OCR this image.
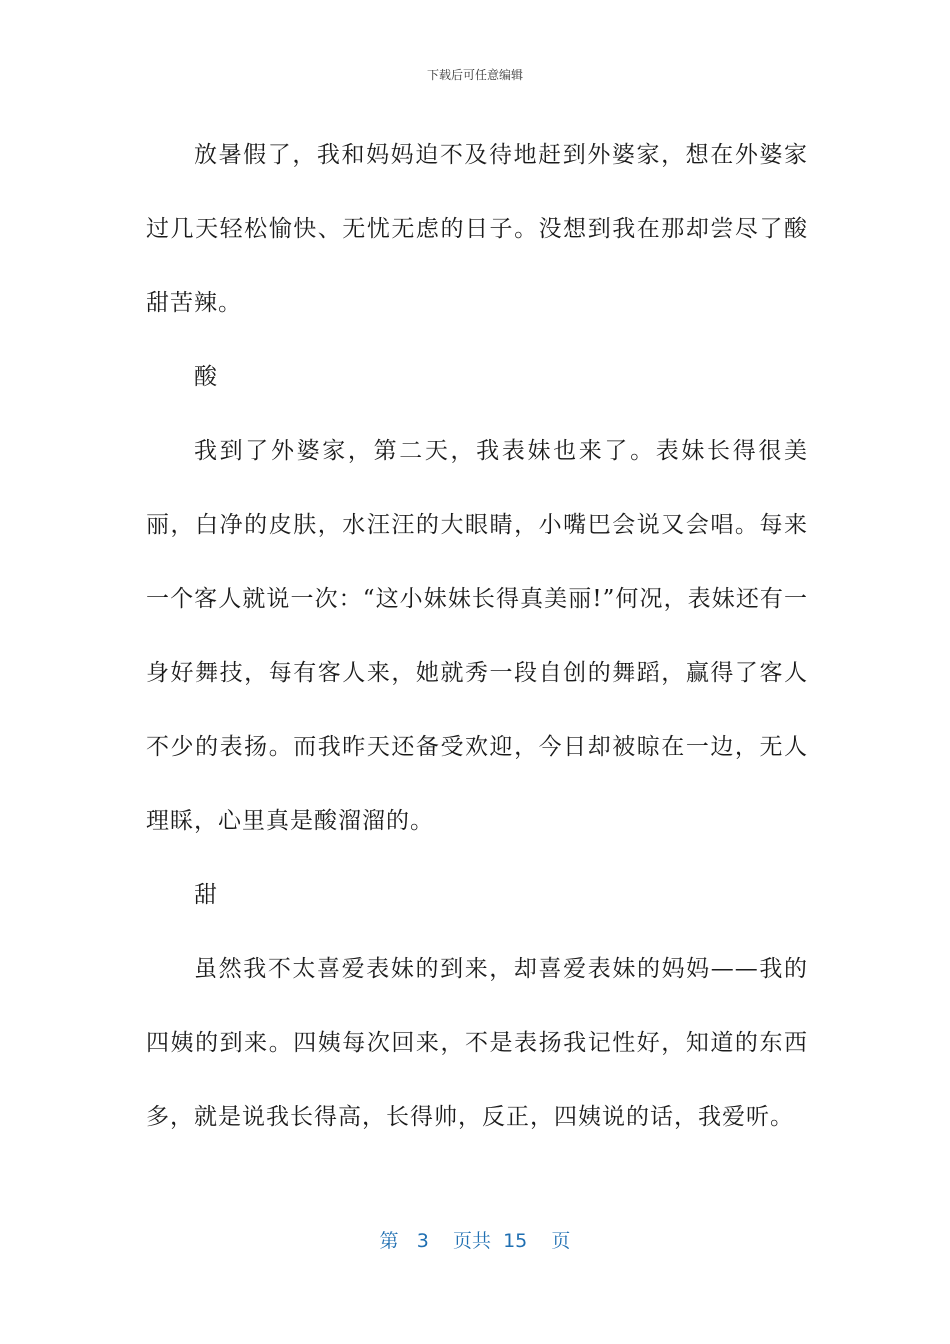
下载后可任意编辑

放暑假了，我和妈妈迫不及待地赶到外婆家，想在外婆家过几天轻松愉快、无忧无虑的日子。没想到我在那却尝尽了酸甜苦辣。

酸

我到了外婆家，第二天，我表妹也来了。表妹长得很美丽，白净的皮肤，水汪汪的大眼睛，小嘴巴会说又会唱。每来一个客人就说一次：“这小妹妹长得真美丽!”何况，表妹还有一身好舞技，每有客人来，她就秀一段自创的舞蹈，赢得了客人不少的表扬。而我昨天还备受欢迎，今日却被晾在一边，无人理睬，心里真是酸溜溜的。

甜

虽然我不太喜爱表妹的到来，却喜爱表妹的妈妈——我的四姨的到来。四姨每次回来，不是表扬我记性好，知道的东西多，就是说我长得高，长得帅，反正，四姨说的话，我爱听。

第 3 页共 15 页
